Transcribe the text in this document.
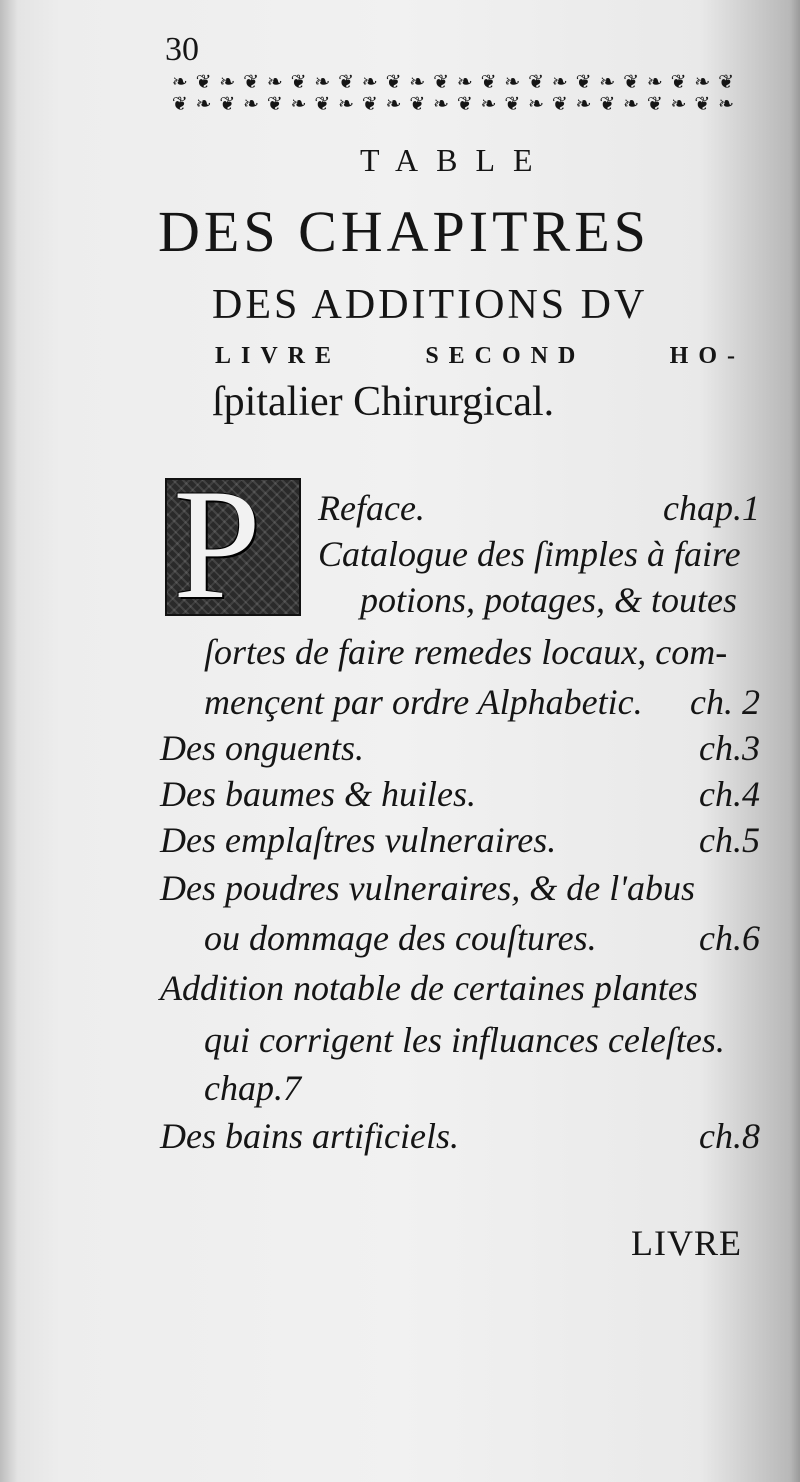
30
❧ ❦ ❧ ❦ ❧ ❦ ❧ ❦ ❧ ❦ ❧ ❦ ❧ ❦ ❧ ❦ ❧ ❦ ❧ ❦ ❧ ❦ ❧ ❦
❦ ❧ ❦ ❧ ❦ ❧ ❦ ❧ ❦ ❧ ❦ ❧ ❦ ❧ ❦ ❧ ❦ ❧ ❦ ❧ ❦ ❧ ❦ ❧
TABLE
DES CHAPITRES
DES ADDITIONS DV
LIVRE	SECOND	HO-
ſpitalier Chirurgical.
P Reface.	chap.1
Catalogue des ſimples à faire
potions, potages, & toutes
ſortes de faire remedes locaux, com-
mençent par ordre Alphabetic. ch. 2
Des onguents.	ch.3
Des baumes & huiles.	ch.4
Des emplaſtres vulneraires.	ch.5
Des poudres vulneraires, & de l'abus
ou dommage des couſtures.	ch.6
Addition notable de certaines plantes
qui corrigent les influances celeſtes.
chap.7
Des bains artificiels.	ch.8
LIVRE
